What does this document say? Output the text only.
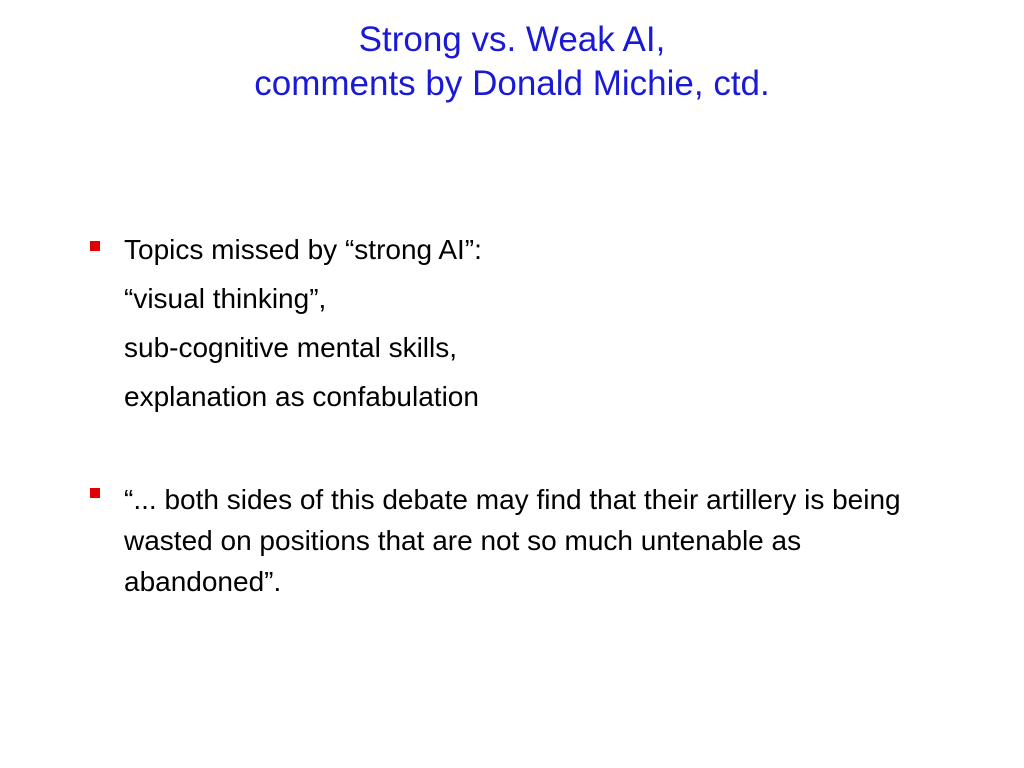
Strong vs. Weak AI,
comments by Donald Michie, ctd.
Topics missed by “strong AI”:
“visual thinking”,
sub-cognitive mental skills,
explanation as confabulation
“... both sides of this debate may find that their artillery is being wasted on positions that are not so much untenable as abandoned”.
